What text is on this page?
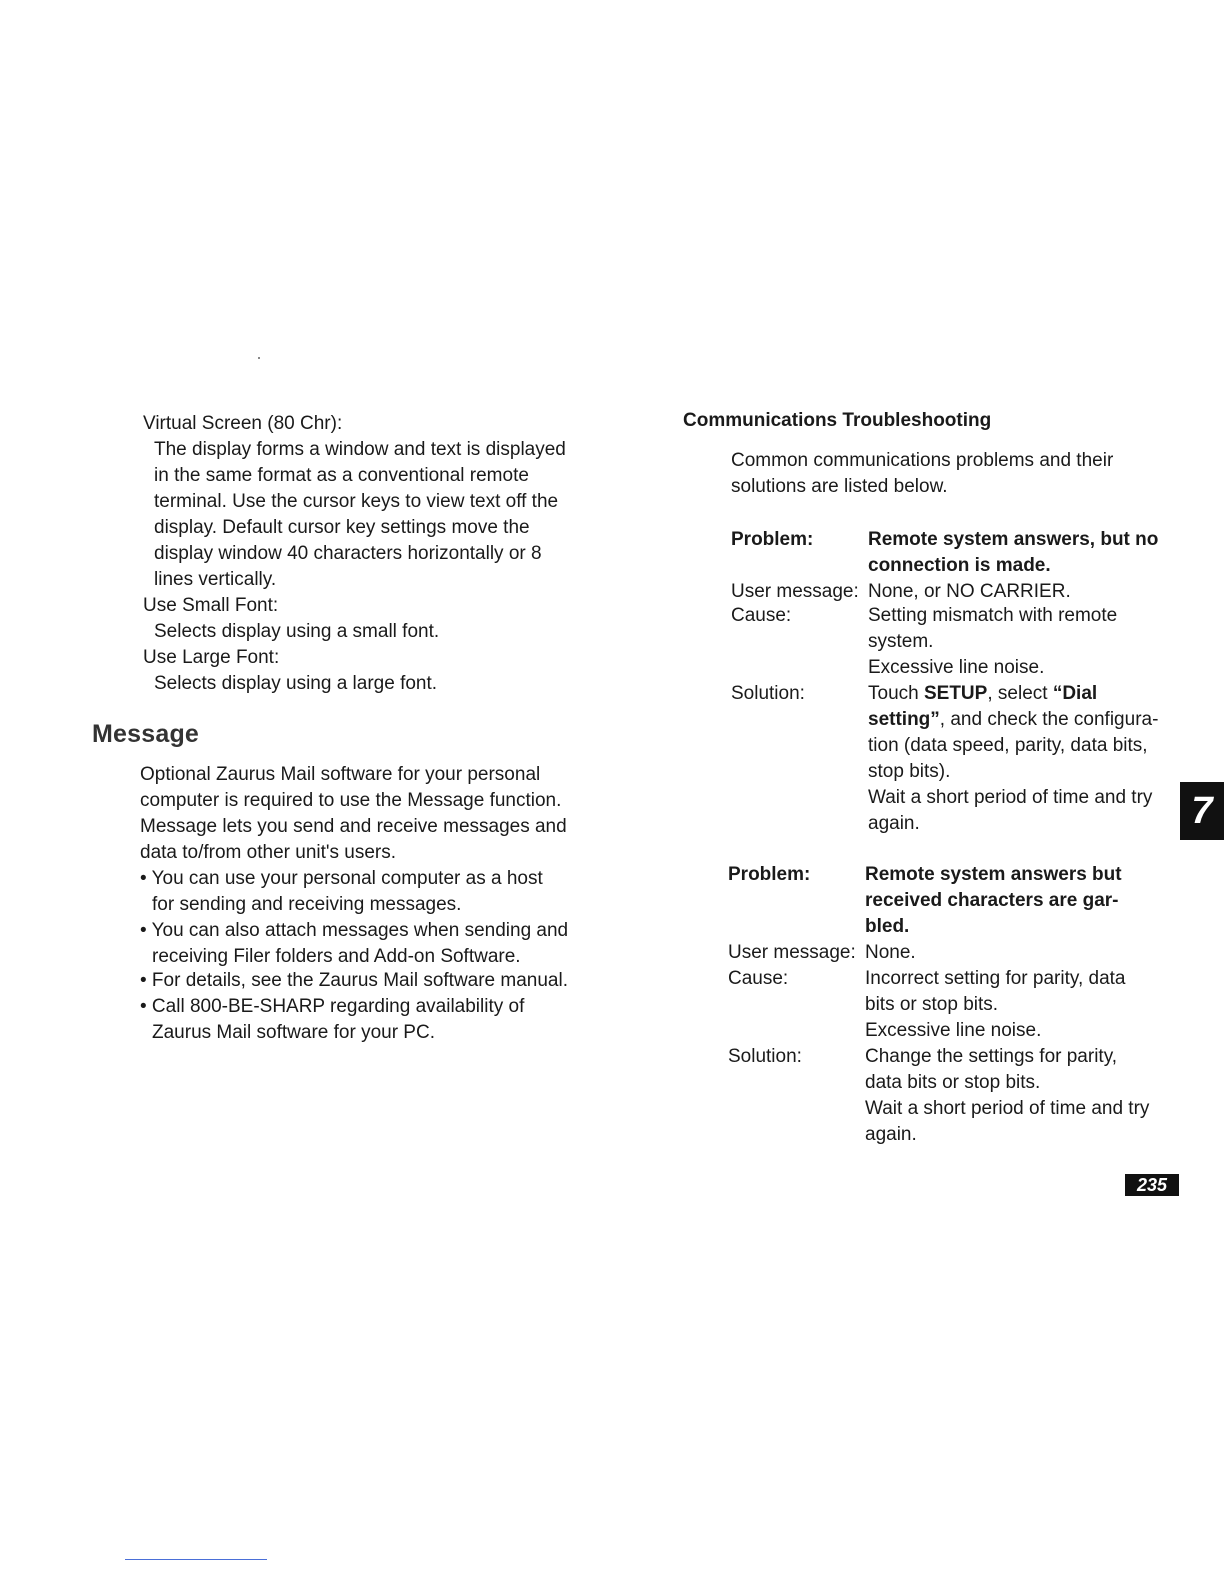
Virtual Screen (80 Chr):
The display forms a window and text is displayed
in the same format as a conventional remote
terminal. Use the cursor keys to view text off the
display. Default cursor key settings move the
display window 40 characters horizontally or 8
lines vertically.
Use Small Font:
Selects display using a small font.
Use Large Font:
Selects display using a large font.
Message
Optional Zaurus Mail software for your personal
computer is required to use the Message function.
Message lets you send and receive messages and
data to/from other unit's users.
• You can use your personal computer as a host
for sending and receiving messages.
• You can also attach messages when sending and
receiving Filer folders and Add-on Software.
• For details, see the Zaurus Mail software manual.
• Call 800-BE-SHARP regarding availability of
Zaurus Mail software for your PC.
Communications Troubleshooting
Common communications problems and their
solutions are listed below.
Problem:	Remote system answers, but no
connection is made.
User message: None, or NO CARRIER.
Cause:	Setting mismatch with remote
system.
Excessive line noise.
Solution:	Touch SETUP, select “Dial
setting”, and check the configura-
tion (data speed, parity, data bits,
stop bits).
Wait a short period of time and try
again.
Problem:	Remote system answers but
received characters are gar-
bled.
User message: None.
Cause:	Incorrect setting for parity, data
bits or stop bits.
Excessive line noise.
Solution:	Change the settings for parity,
data bits or stop bits.
Wait a short period of time and try
again.
7
235
